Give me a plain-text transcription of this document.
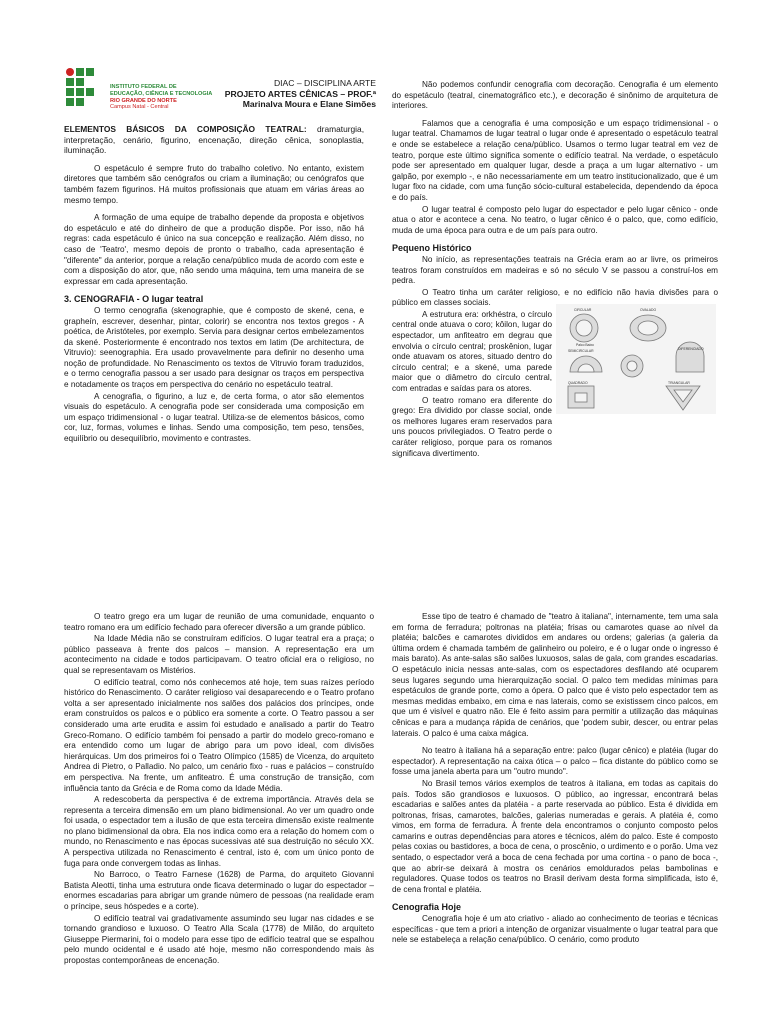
INSTITUTO FEDERAL DE
EDUCAÇÃO, CIÊNCIA E TECNOLOGIA
RIO GRANDE DO NORTE
Campus Natal - Central
DIAC – DISCIPLINA ARTE
PROJETO ARTES CÊNICAS – PROF.ª
Marinalva Moura e Elane Simões
ELEMENTOS BÁSICOS DA COMPOSIÇÃO TEATRAL: dramaturgia, interpretação, cenário, figurino, encenação, direção cênica, sonoplastia, iluminação.

O espetáculo é sempre fruto do trabalho coletivo. No entanto, existem diretores que também são cenógrafos ou criam a iluminação; ou cenógrafos que também fazem figurinos. Há muitos profissionais que atuam em várias áreas ao mesmo tempo.

A formação de uma equipe de trabalho depende da proposta e objetivos do espetáculo e até do dinheiro de que a produção dispõe. Por isso, não há regras: cada espetáculo é único na sua concepção e realização. Além disso, no caso de 'Teatro', mesmo depois de pronto o trabalho, cada apresentação é "diferente" da anterior, porque a relação cena/público muda de acordo com este e com a disposição do ator, que, não sendo uma máquina, tem uma maneira de se expressar em cada apresentação.

3. CENOGRAFIA - O lugar teatral

O termo cenografia (skenographie, que é composto de skené, cena, e grapheín, escrever, desenhar, pintar, colorir) se encontra nos textos gregos - A poética, de Aristóteles, por exemplo. Servia para designar certos embelezamentos da skené. Posteriormente é encontrado nos textos em latim (De architectura, de Vitruvio): seenographia. Era usado provavelmente para definir no desenho uma noção de profundidade. No Renascimento os textos de Vitruvio foram traduzidos, e o termo cenografia passou a ser usado para designar os traços em perspectiva e notadamente os traços em perspectiva do cenário no espetáculo teatral.

A cenografia, o figurino, a luz e, de certa forma, o ator são elementos visuais do espetáculo. A cenografia pode ser considerada uma composição em um espaço tridimensional - o lugar teatral. Utiliza-se de elementos básicos, como cor, luz, formas, volumes e linhas. Sendo uma composição, tem peso, tensões, equilíbrio ou desequilíbrio, movimento e contrastes.

Não podemos confundir cenografia com decoração. Cenografia é um elemento do espetáculo (teatral, cinematográfico etc.), e decoração é sinônimo de arquitetura de interiores.

Falamos que a cenografia é uma composição e um espaço tridimensional - o lugar teatral. Chamamos de lugar teatral o lugar onde é apresentado o espetáculo teatral e onde se estabelece a relação cena/público. Usamos o termo lugar teatral em vez de teatro, porque este último significa somente o edifício teatral. Na verdade, o espetáculo pode ser apresentado em qualquer lugar, desde a praça a um lugar alternativo - um galpão, por exemplo -, e não necessariamente em um teatro institucionalizado, que é um lugar fixo na cidade, com uma função sócio-cultural estabelecida, dependendo da época e do país.

O lugar teatral é composto pelo lugar do espectador e pelo lugar cênico - onde atua o ator e acontece a cena. No teatro, o lugar cênico é o palco, que, como edifício, muda de uma época para outra e de um país para outro.

Pequeno Histórico

No início, as representações teatrais na Grécia eram ao ar livre, os primeiros teatros foram construídos em madeiras e só no século V se passou a construí-los em pedra.

O Teatro tinha um caráter religioso, e no edifício não havia divisões para o público em classes sociais.

A estrutura era: orkhéstra, o círculo central onde atuava o coro; kôilon, lugar do espectador, um anfiteatro em degrau que envolvia o círculo central; proskênion, lugar onde atuavam os atores, situado dentro do círculo central; e a skené, uma parede maior que o diâmetro do círculo central, com entradas e saídas para os atores.

O teatro romano era diferente do grego: Era dividido por classe social, onde os melhores lugares eram reservados para uns poucos privilegiados. O Teatro perde o caráter religioso, porque para os romanos significava divertimento.

CIRCULAR	OVALADO
SEMICIRCULAR	DIFERENCIADO
QUADRADO	TRIANGULAR
Palco Baixo

O teatro grego era um lugar de reunião de uma comunidade, enquanto o teatro romano era um edifício fechado para oferecer diversão a um grande público.

Na Idade Média não se construíram edifícios. O lugar teatral era a praça; o público passeava à frente dos palcos – mansion. A representação era um acontecimento na cidade e todos participavam. O teatro oficial era o religioso, no qual se representavam os Mistérios.

O edifício teatral, como nós conhecemos até hoje, tem suas raízes período histórico do Renascimento. O caráter religioso vai desaparecendo e o Teatro profano volta a ser apresentado inicialmente nos salões dos palácios dos príncipes, onde eram construídos os palcos e o público era somente a corte. O Teatro passou a ser considerado uma arte erudita e assim foi estudado e analisado a partir do Teatro Greco-Romano. O edifício também foi pensado a partir do modelo greco-romano e era entendido como um lugar de abrigo para um povo ideal, com divisões hierárquicas. Um dos primeiros foi o Teatro Olímpico (1585) de Vicenza, do arquiteto Andrea di Pietro, o Palladio. No palco, um cenário fixo - ruas e palácios – construído em perspectiva. Na frente, um anfiteatro. É uma construção de transição, com influência tanto da Grécia e de Roma como da Idade Média.

A redescoberta da perspectiva é de extrema importância. Através dela se representa a terceira dimensão em um plano bidimensional. Ao ver um quadro onde foi usada, o espectador tem a ilusão de que esta terceira dimensão existe realmente no plano bidimensional da obra. Ela nos indica como era a relação do homem com o mundo, no Renascimento e nas épocas sucessivas até sua destruição no século XX. A perspectiva utilizada no Renascimento é central, isto é, com um único ponto de fuga para onde convergem todas as linhas.

No Barroco, o Teatro Farnese (1628) de Parma, do arquiteto Giovanni Batista Aleotti, tinha uma estrutura onde ficava determinado o lugar do espectador – enormes escadarias para abrigar um grande número de pessoas (na realidade eram o príncipe, seus hóspedes e a corte).

O edifício teatral vai gradativamente assumindo seu lugar nas cidades e se tornando grandioso e luxuoso. O Teatro Alla Scala (1778) de Milão, do arquiteto Giuseppe Piermarini, foi o modelo para esse tipo de edifício teatral que se espalhou pelo mundo ocidental e é usado até hoje, mesmo não correspondendo mais às propostas contemporâneas de encenação.

Esse tipo de teatro é chamado de "teatro à italiana", internamente, tem uma sala em forma de ferradura; poltronas na platéia; frisas ou camarotes quase ao nível da platéia; balcões e camarotes divididos em andares ou ordens; galerias (a galeria da última ordem é chamada também de galinheiro ou poleiro, e é o lugar onde o ingresso é mais barato). As ante-salas são salões luxuosos, salas de gala, com grandes escadarias. O espetáculo inicia nessas ante-salas, com os espectadores desfilando até ocuparem seus lugares segundo uma hierarquização social. O palco tem medidas mínimas para espetáculos de grande porte, como a ópera. O palco que é visto pelo espectador tem as mesmas medidas embaixo, em cima e nas laterais, como se existissem cinco palcos, em que um é visível e quatro não. Ele é feito assim para permitir a utilização das máquinas cênicas e para a mudança rápida de cenários, que 'podem subir, descer, ou entrar pelas laterais. O palco é uma caixa mágica.

No teatro à italiana há a separação entre: palco (lugar cênico) e platéia (lugar do espectador). A representação na caixa ótica – o palco – fica distante do público como se fosse uma janela aberta para um "outro mundo".

No Brasil temos vários exemplos de teatros à italiana, em todas as capitais do país. Todos são grandiosos e luxuosos. O público, ao ingressar, encontrará belas escadarias e salões antes da platéia - a parte reservada ao público. Esta é dividida em poltronas, frisas, camarotes, balcões, galerias numeradas e gerais. A platéia é, como vimos, em forma de ferradura. À frente dela encontramos o conjunto composto pelos camarins e outras dependências para atores e técnicos, além do palco. Este é composto pelas coxias ou bastidores, a boca de cena, o proscênio, o urdimento e o porão. Uma vez sentado, o espectador verá a boca de cena fechada por uma cortina - o pano de boca -, que ao abrir-se deixará à mostra os cenários emoldurados pelas bambolinas e reguladores. Quase todos os teatros no Brasil derivam desta forma simplificada, isto é, de cena frontal e platéia.

Cenografia Hoje

Cenografia hoje é um ato criativo - aliado ao conhecimento de teorias e técnicas específicas - que tem a priori a intenção de organizar visualmente o lugar teatral para que nele se estabeleça a relação cena/público. O cenário, como produto
